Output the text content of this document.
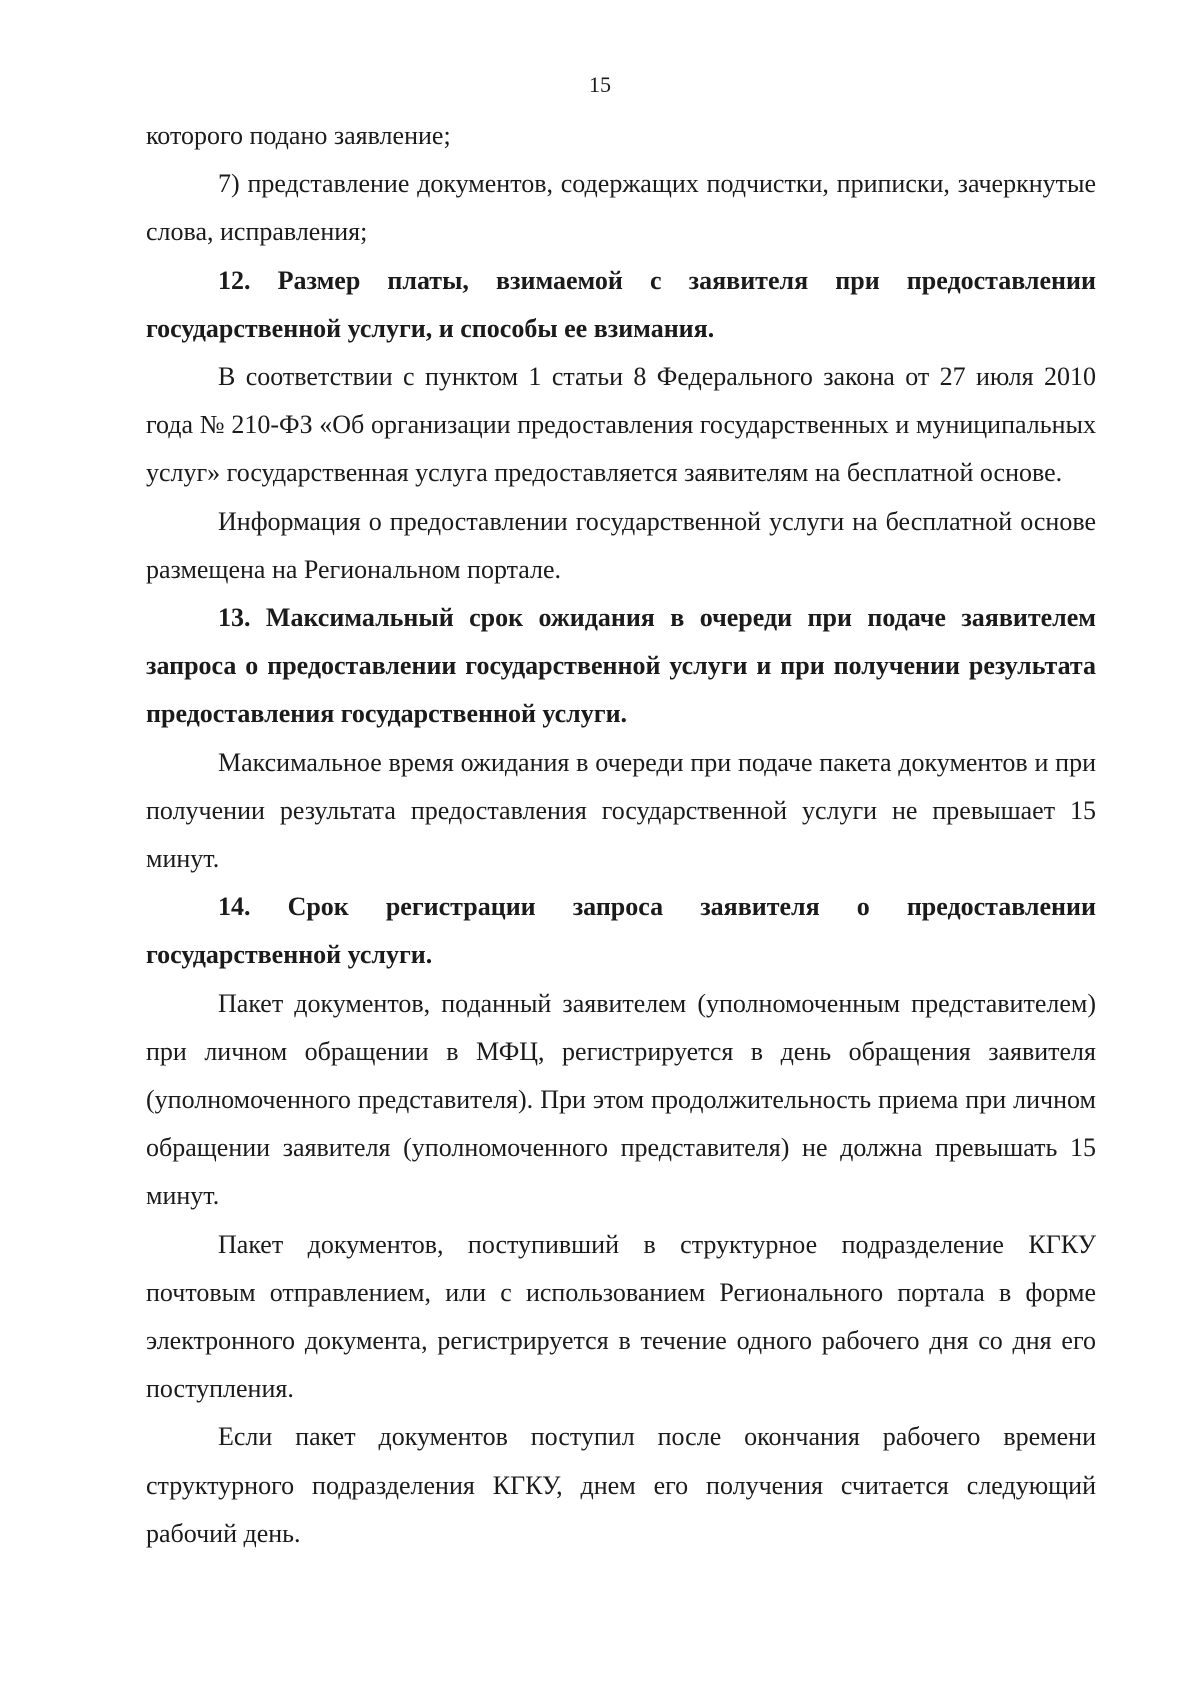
15

которого подано заявление;

7) представление документов, содержащих подчистки, приписки, зачеркнутые слова, исправления;

12. Размер платы, взимаемой с заявителя при предоставлении государственной услуги, и способы ее взимания.

В соответствии с пунктом 1 статьи 8 Федерального закона от 27 июля 2010 года № 210-ФЗ «Об организации предоставления государственных и муниципальных услуг» государственная услуга предоставляется заявителям на бесплатной основе.

Информация о предоставлении государственной услуги на бесплатной основе размещена на Региональном портале.

13. Максимальный срок ожидания в очереди при подаче заявителем запроса о предоставлении государственной услуги и при получении результата предоставления государственной услуги.

Максимальное время ожидания в очереди при подаче пакета документов и при получении результата предоставления государственной услуги не превышает 15 минут.

14. Срок регистрации запроса заявителя о предоставлении государственной услуги.

Пакет документов, поданный заявителем (уполномоченным представителем) при личном обращении в МФЦ, регистрируется в день обращения заявителя (уполномоченного представителя). При этом продолжительность приема при личном обращении заявителя (уполномоченного представителя) не должна превышать 15 минут.

Пакет документов, поступивший в структурное подразделение КГКУ почтовым отправлением, или с использованием Регионального портала в форме электронного документа, регистрируется в течение одного рабочего дня со дня его поступления.

Если пакет документов поступил после окончания рабочего времени структурного подразделения КГКУ, днем его получения считается следующий рабочий день.
